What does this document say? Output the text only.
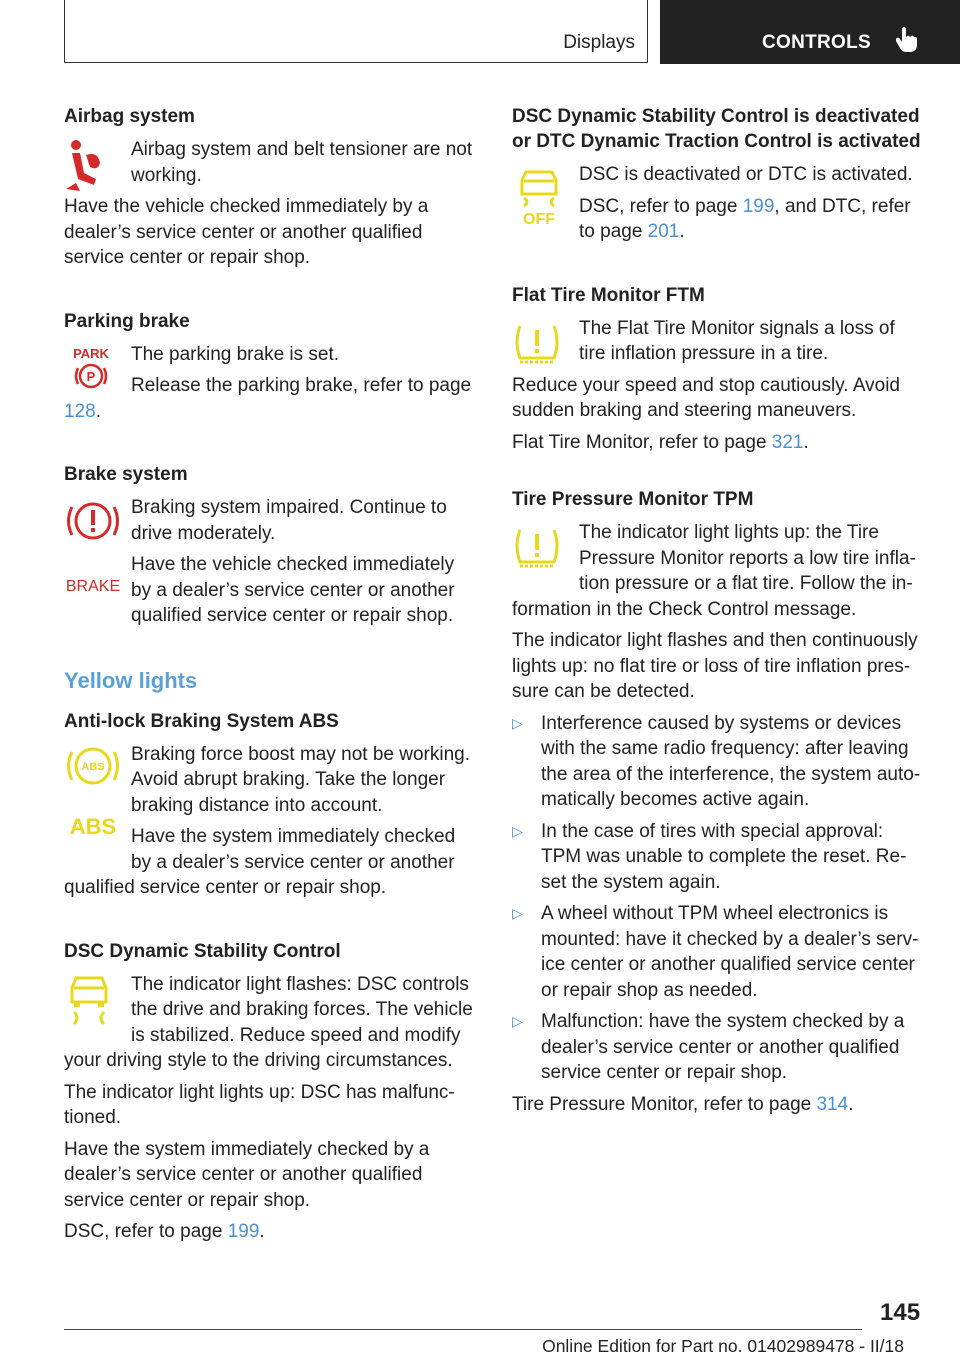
Displays	CONTROLS
Airbag system

Airbag system and belt tensioner are not working.

Have the vehicle checked immediately by a dealer’s service center or another qualified service center or repair shop.

Parking brake
PARK
P

The parking brake is set.

Release the parking brake, refer to page 128.

Brake system
BRAKE

Braking system impaired. Continue to drive moderately.

Have the vehicle checked immediately by a dealer’s service center or another qualified service center or repair shop.

Yellow lights
Anti-lock Braking System ABS
ABS
ABS

Braking force boost may not be working. Avoid abrupt braking. Take the longer braking distance into account.

Have the system immediately checked by a dealer’s service center or another qualified service center or repair shop.

DSC Dynamic Stability Control

The indicator light flashes: DSC controls the drive and braking forces. The vehicle is stabilized. Reduce speed and modify your driving style to the driving circumstances.

The indicator light lights up: DSC has malfunctioned.

Have the system immediately checked by a dealer’s service center or another qualified service center or repair shop.

DSC, refer to page 199.

DSC Dynamic Stability Control is deactivated or DTC Dynamic Traction Control is activated
OFF

DSC is deactivated or DTC is activated.

DSC, refer to page 199, and DTC, refer to page 201.

Flat Tire Monitor FTM

The Flat Tire Monitor signals a loss of tire inflation pressure in a tire.

Reduce your speed and stop cautiously. Avoid sudden braking and steering maneuvers.

Flat Tire Monitor, refer to page 321.

Tire Pressure Monitor TPM

The indicator light lights up: the Tire Pressure Monitor reports a low tire inflation pressure or a flat tire. Follow the information in the Check Control message.

The indicator light flashes and then continuously lights up: no flat tire or loss of tire inflation pressure can be detected.

▷ Interference caused by systems or devices with the same radio frequency: after leaving the area of the interference, the system automatically becomes active again.
▷ In the case of tires with special approval: TPM was unable to complete the reset. Reset the system again.
▷ A wheel without TPM wheel electronics is mounted: have it checked by a dealer’s service center or another qualified service center or repair shop as needed.
▷ Malfunction: have the system checked by a dealer’s service center or another qualified service center or repair shop.

Tire Pressure Monitor, refer to page 314.

145
Online Edition for Part no. 01402989478 - II/18
